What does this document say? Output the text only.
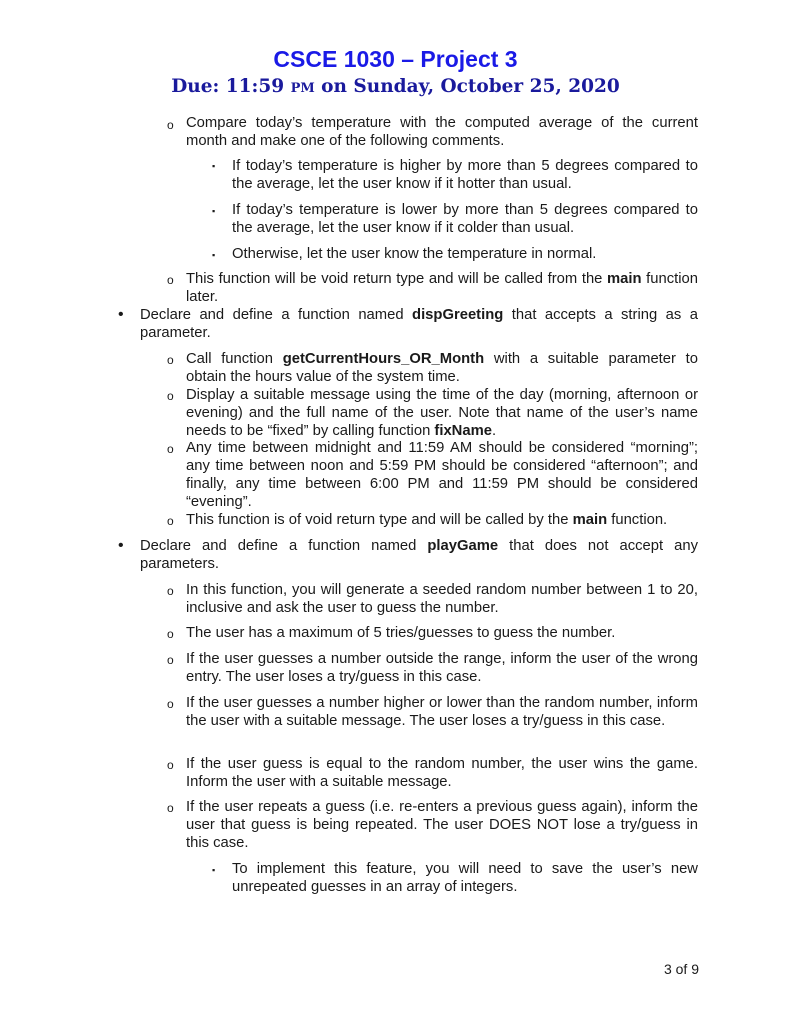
CSCE 1030 – Project 3
Due: 11:59 PM on Sunday, October 25, 2020
o Compare today’s temperature with the computed average of the current month and make one of the following comments.
▪ If today’s temperature is higher by more than 5 degrees compared to the average, let the user know if it hotter than usual.
▪ If today’s temperature is lower by more than 5 degrees compared to the average, let the user know if it colder than usual.
▪ Otherwise, let the user know the temperature in normal.
o This function will be void return type and will be called from the main function later.
• Declare and define a function named dispGreeting that accepts a string as a parameter.
o Call function getCurrentHours_OR_Month with a suitable parameter to obtain the hours value of the system time.
o Display a suitable message using the time of the day (morning, afternoon or evening) and the full name of the user. Note that name of the user’s name needs to be “fixed” by calling function fixName.
o Any time between midnight and 11:59 AM should be considered “morning”; any time between noon and 5:59 PM should be considered “afternoon”; and finally, any time between 6:00 PM and 11:59 PM should be considered “evening”.
o This function is of void return type and will be called by the main function.
• Declare and define a function named playGame that does not accept any parameters.
o In this function, you will generate a seeded random number between 1 to 20, inclusive and ask the user to guess the number.
o The user has a maximum of 5 tries/guesses to guess the number.
o If the user guesses a number outside the range, inform the user of the wrong entry. The user loses a try/guess in this case.
o If the user guesses a number higher or lower than the random number, inform the user with a suitable message. The user loses a try/guess in this case.
o If the user guess is equal to the random number, the user wins the game. Inform the user with a suitable message.
o If the user repeats a guess (i.e. re-enters a previous guess again), inform the user that guess is being repeated. The user DOES NOT lose a try/guess in this case.
▪ To implement this feature, you will need to save the user’s new unrepeated guesses in an array of integers.
3 of 9
